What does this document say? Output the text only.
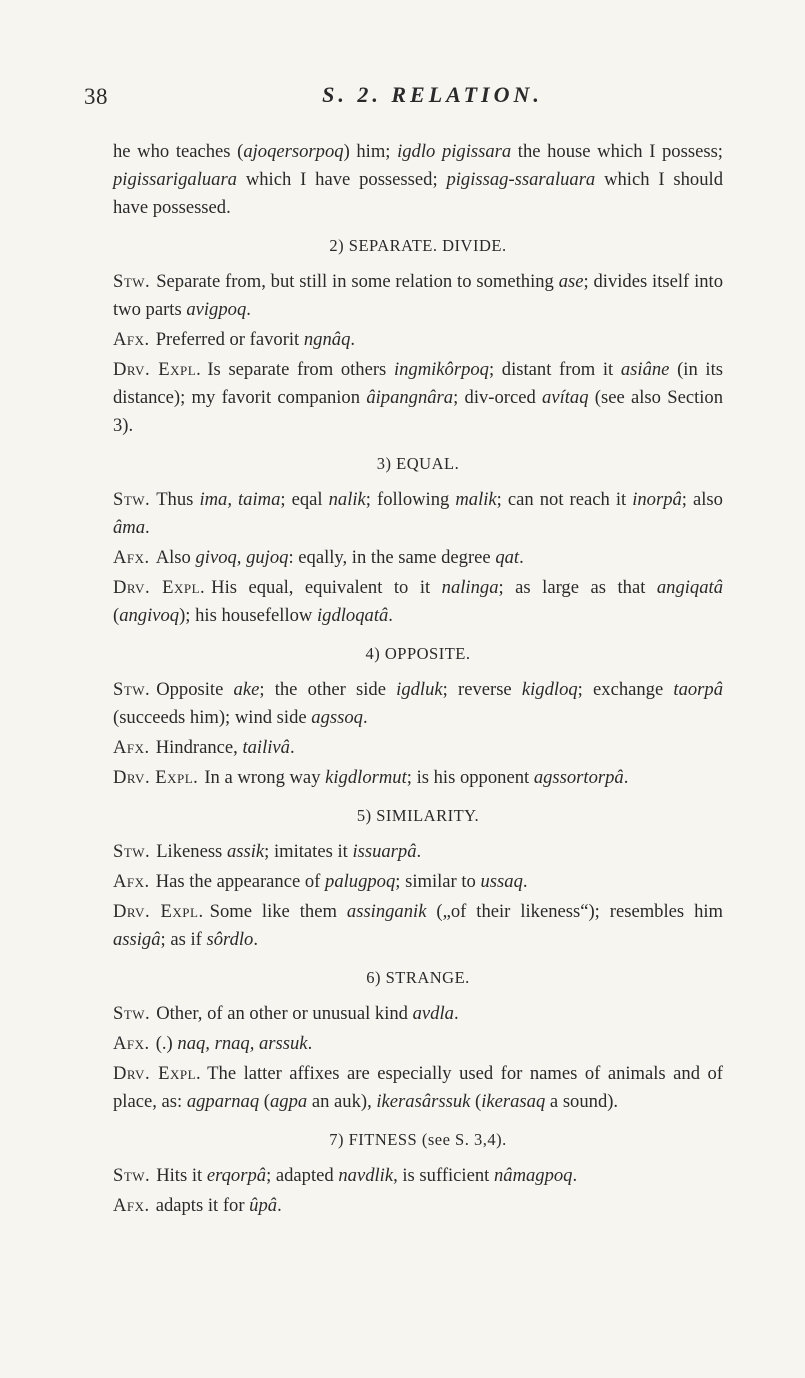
38	S. 2. RELATION.

he who teaches (ajoqersorpoq) him; igdlo pigissara the house which I possess; pigissarigaluara which I have possessed; pigissag-ssaraluara which I should have possessed.

2) SEPARATE. DIVIDE.

Stw. Separate from, but still in some relation to something ase; divides itself into two parts avigpoq.

Afx. Preferred or favorit ngnâq.

Drv. Expl. Is separate from others ingmikôrpoq; distant from it asiâne (in its distance); my favorit companion âipangnâra; div-orced avítaq (see also Section 3).

3) EQUAL.

Stw. Thus ima, taima; eqal nalik; following malik; can not reach it inorpâ; also âma.

Afx. Also givoq, gujoq: eqally, in the same degree qat.

Drv. Expl. His equal, equivalent to it nalinga; as large as that angiqatâ (angivoq); his housefellow igdloqatâ.

4) OPPOSITE.

Stw. Opposite ake; the other side igdluk; reverse kigdloq; exchange taorpâ (succeeds him); wind side agssoq.

Afx. Hindrance, tailivâ.

Drv. Expl. In a wrong way kigdlormut; is his opponent agssortorpâ.

5) SIMILARITY.

Stw. Likeness assik; imitates it issuarpâ.

Afx. Has the appearance of palugpoq; similar to ussaq.

Drv. Expl. Some like them assinganik („of their likeness“); resembles him assigâ; as if sôrdlo.

6) STRANGE.

Stw. Other, of an other or unusual kind avdla.

Afx. (.) naq, rnaq, arssuk.

Drv. Expl. The latter affixes are especially used for names of animals and of place, as: agparnaq (agpa an auk), ikerasârssuk (ikerasaq a sound).

7) FITNESS (see S. 3,4).

Stw. Hits it erqorpâ; adapted navdlik, is sufficient nâmagpoq.

Afx. adapts it for ûpâ.
